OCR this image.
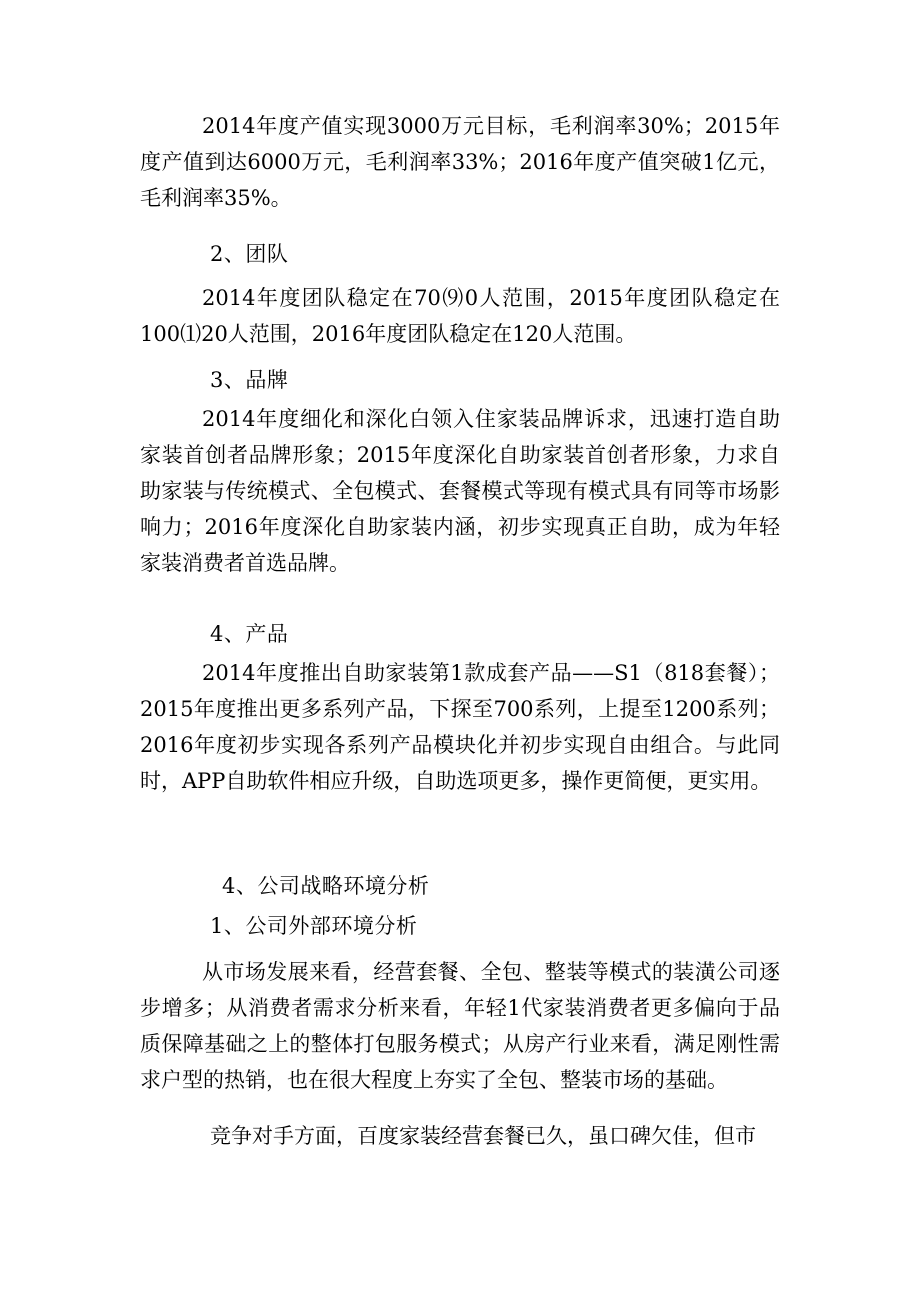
2014年度产值实现3000万元目标，毛利润率30%；2015年度产值到达6000万元，毛利润率33%；2016年度产值突破1亿元，毛利润率35%。

2、团队

2014年度团队稳定在70⑼0人范围，2015年度团队稳定在100⑴20人范围，2016年度团队稳定在120人范围。

3、品牌

2014年度细化和深化白领入住家装品牌诉求，迅速打造自助家装首创者品牌形象；2015年度深化自助家装首创者形象，力求自助家装与传统模式、全包模式、套餐模式等现有模式具有同等市场影响力；2016年度深化自助家装内涵，初步实现真正自助，成为年轻家装消费者首选品牌。

4、产品

2014年度推出自助家装第1款成套产品——S1（818套餐）；2015年度推出更多系列产品，下探至700系列，上提至1200系列；2016年度初步实现各系列产品模块化并初步实现自由组合。与此同时，APP自助软件相应升级，自助选项更多，操作更简便，更实用。

4、公司战略环境分析
1、公司外部环境分析

从市场发展来看，经营套餐、全包、整装等模式的装潢公司逐步增多；从消费者需求分析来看，年轻1代家装消费者更多偏向于品质保障基础之上的整体打包服务模式；从房产行业来看，满足刚性需求户型的热销，也在很大程度上夯实了全包、整装市场的基础。

竞争对手方面，百度家装经营套餐已久，虽口碑欠佳，但市
